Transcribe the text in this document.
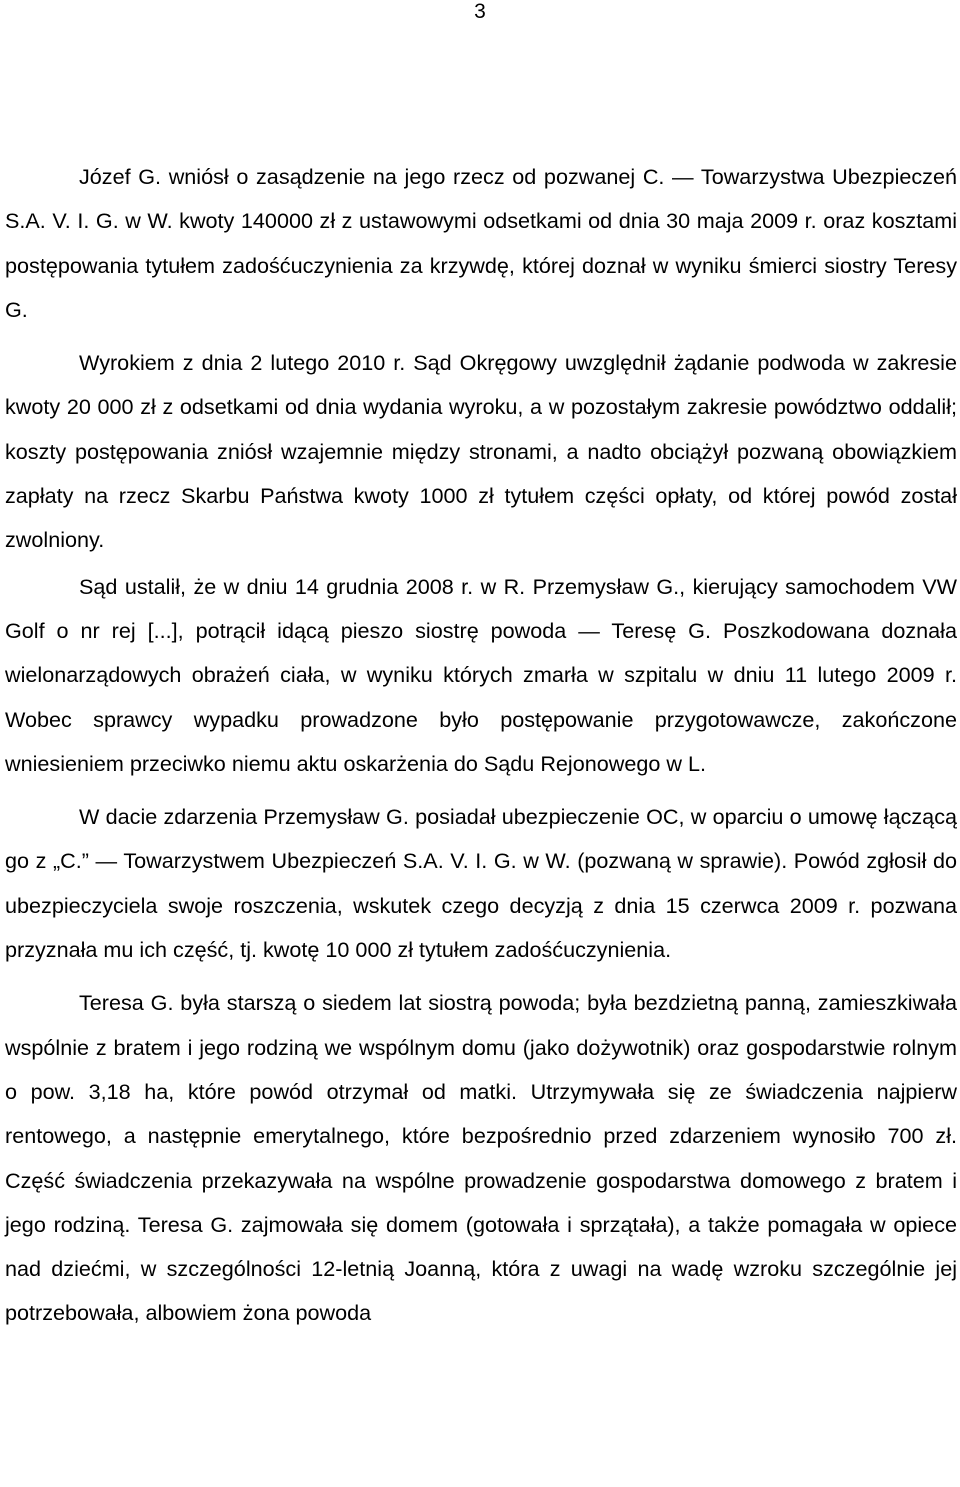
3

Józef G. wniósł o zasądzenie na jego rzecz od pozwanej C. ― Towarzystwa Ubezpieczeń S.A. V. I. G. w W. kwoty 140000 zł z ustawowymi odsetkami od dnia 30 maja 2009 r. oraz kosztami postępowania tytułem zadośćuczynienia za krzywdę, której doznał w wyniku śmierci siostry Teresy G.

Wyrokiem z dnia 2 lutego 2010 r. Sąd Okręgowy uwzględnił żądanie podwoda w zakresie kwoty 20 000 zł z odsetkami od dnia wydania wyroku, a w pozostałym zakresie powództwo oddalił; koszty postępowania zniósł wzajemnie między stronami, a nadto obciążył pozwaną obowiązkiem zapłaty na rzecz Skarbu Państwa kwoty 1000 zł tytułem części opłaty, od której powód został zwolniony.

Sąd ustalił, że w dniu 14 grudnia 2008 r. w R. Przemysław G., kierujący samochodem VW Golf o nr rej [...], potrącił idącą pieszo siostrę powoda ― Teresę G. Poszkodowana doznała wielonarządowych obrażeń ciała, w wyniku których zmarła w szpitalu w dniu 11 lutego 2009 r. Wobec sprawcy wypadku prowadzone było postępowanie przygotowawcze, zakończone wniesieniem przeciwko niemu aktu oskarżenia do Sądu Rejonowego w L.

W dacie zdarzenia Przemysław G. posiadał ubezpieczenie OC, w oparciu o umowę łączącą go z „C.” ― Towarzystwem Ubezpieczeń S.A. V. I. G. w W. (pozwaną w sprawie). Powód zgłosił do ubezpieczyciela swoje roszczenia, wskutek czego decyzją z dnia 15 czerwca 2009 r. pozwana przyznała mu ich część, tj. kwotę 10 000 zł tytułem zadośćuczynienia.

Teresa G. była starszą o siedem lat siostrą powoda; była bezdzietną panną, zamieszkiwała wspólnie z bratem i jego rodziną we wspólnym domu (jako dożywotnik) oraz gospodarstwie rolnym o pow. 3,18 ha, które powód otrzymał od matki. Utrzymywała się ze świadczenia najpierw rentowego, a następnie emerytalnego, które bezpośrednio przed zdarzeniem wynosiło 700 zł. Część świadczenia przekazywała na wspólne prowadzenie gospodarstwa domowego z bratem i jego rodziną. Teresa G. zajmowała się domem (gotowała i sprzątała), a także pomagała w opiece nad dziećmi, w szczególności 12-letnią Joanną, która z uwagi na wadę wzroku szczególnie jej potrzebowała, albowiem żona powoda
